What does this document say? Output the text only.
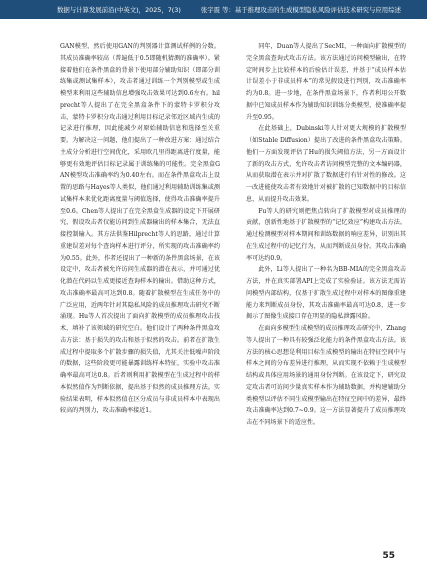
数据与计算发展前沿(中英文)，2025，7(3)	张宇震 等：基于推理攻击的生成模型隐私风险评估技术研究与应用综述

GAN模型，然后使用GAN的判别器计算测试样例的分数。其成员准确率较高（普遍低于0.5即随机猜测的准确率）。紧接着他们在条件黑盒的背景下使用部分辅助知识（即部分训练集或测试集样本），攻击者通过训练一个判别模型或生成模型来利用这些辅助信息增强攻击效果可达到0.6左右。hilprecht等人提出了在完全黑盒条件下的蒙特卡罗积分攻击，蒙特卡罗积分攻击通过利用目标记录邻近区域内生成的记录进行推理，因此能减少对原始辅助信息和选择至关重要。为解决这一问题，他们提出了一种改进方案：通过结合主成分分析进行空间优化，采用欧几里得距离进行度量，能够更有效地评估目标记录属于训练集的可能性。完全黑盒GAN模型攻击准确率约为0.40左右。而在条件黑盒攻击上设置的思路与Hayes等人类似，他们通过利用辅助训练集或测试集样本来优化距离度量与阈值选择，使得攻击准确率提升至0.6。Chen等人提出了在完全黑盒生成器的设定下开展研究，假设攻击者仅能访问到生成器输出的样本集合，无法直接控制输入。其方法供鉴Hilprecht等人的思路，通过计算重建误差对每个查询样本进行评分，所实现的攻击准确率约为0.55。此外，作者还提出了一种新的条件黑盒场景，在该设定中，攻击者被允许访问生成器的潜在表示，并可通过优化潜在代码以生成更接近查询样本的输出。借助这种方式，攻击准确率最高可达到0.8。随着扩散模型在生成任务中的广泛应用，近两年针对其隐私风险的成员推理攻击研究不断涌现。Hu等人首次提出了面向扩散模型的成员推理攻击技术，填补了该领域的研究空白。他们设计了两种条件黑盒攻击方法：基于损失的攻击和基于似然的攻击。前者在扩散生成过程中提取多个扩散步骤的损失值，尤其关注低噪声阶段的数据，这些阶段更可能暴露训练样本特征，实验中攻击准确率最高可达0.8。后者则利用扩散模型在生成过程中的样本似然值作为判断依据，提出基于似然的成员推理方法。实验结果表明，样本似然值在区分成员与非成员样本中表现出较高的判别力，攻击准确率接近1。

同年，Duan等人提出了SecMI，一种面向扩散模型的完全黑盒查询式攻击方法。该方法通过访问模型输出，在特定时间步上比较样本的后验估计误差，并基于“成员样本估计误差小于非成员样本”的常见假设进行判别，攻击准确率约为0.8。进一步地，在条件黑盒场景下，作者利用公开数据中已知成员样本作为辅助知识训练分类模型，使准确率提升至0.95。

在此基础上，Dubinski等人针对更大规模的扩散模型（如Stable Diffusion）提出了改进的条件黑盒攻击策略。他们一方面发现评估了Hu的损失阈值方法，另一方面设计了新的攻击方式，允许攻击者访问模型完整的文本编码器，从而获取潜在表示并对扩散了数据进行有针对性的修改。这一改进能使攻击者有效地针对被扩散的已知数据中的目标信息，从而提升攻击效果。

Fu等人的研究则把焦点转向了扩散模型对成员推理的贡献，创新性地基于扩散模型的“记忆效应”构建攻击方法。通过检测模型对样本期间和训练数据的响应差异，识别出其在生成过程中的记忆行为，从而判断成员身份。其攻击准确率可达约0.9。

此外，Li等人提出了一种名为BB-MIA的完全黑盒攻击方法，并在真实部署API上完成了实验验证。该方法无需访问模型内部结构，仅基于扩散生成过程中对样本的图像重建能力来判断成员身份，其攻击准确率最高可达0.8，进一步揭示了图像生成接口存在明显的隐私泄露风险。

在面向多模型生成模型的成员推理攻击研究中，Zhang等人提出了一种具有较强泛化能力的条件黑盒攻击方法。该方法的核心思想是利用目标生成模型的输出在特征空间中与样本之间的分布差异进行推理，从而实现不依赖于生成模型结构或具体应用场景的通用身份判断。在该设定下，研究设定攻击者可访问少量真实样本作为辅助数据，并构建辅助分类模型以评估不同生成模型输出在特征空间中的差异，最终攻击准确率达到0.7~0.9。这一方法显著提升了成员推理攻击在不同场景下的适应性。

55
